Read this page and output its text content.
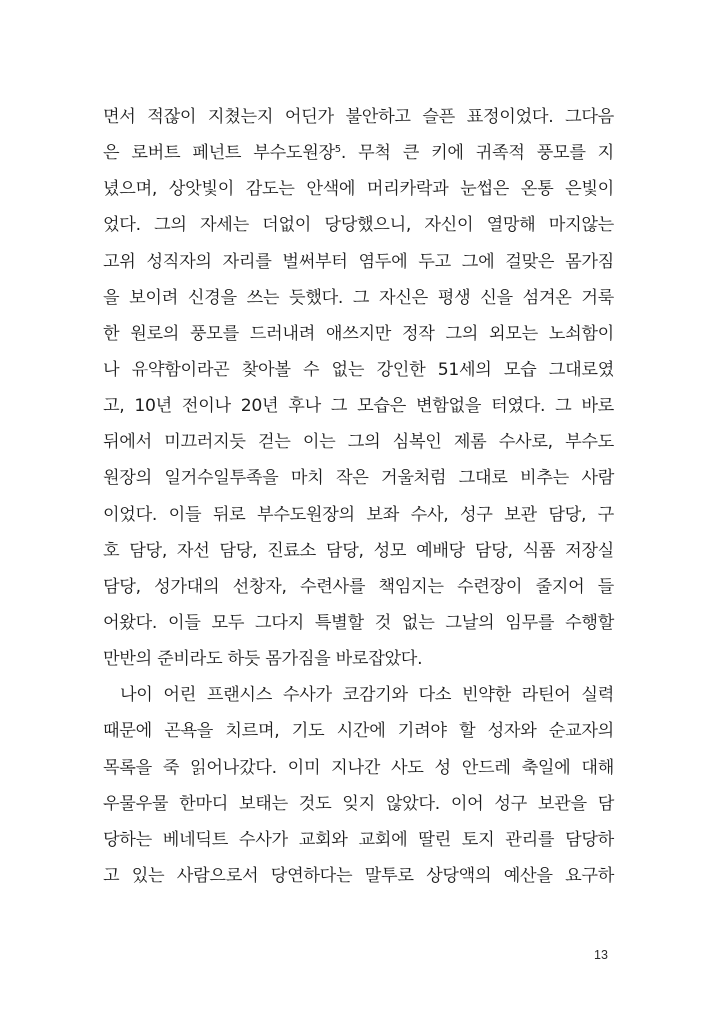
면서 적잖이 지쳤는지 어딘가 불안하고 슬픈 표정이었다. 그다음
은 로버트 페넌트 부수도원장$^5$. 무척 큰 키에 귀족적 풍모를 지
녔으며, 상앗빛이 감도는 안색에 머리카락과 눈썹은 온통 은빛이
었다. 그의 자세는 더없이 당당했으니, 자신이 열망해 마지않는
고위 성직자의 자리를 벌써부터 염두에 두고 그에 걸맞은 몸가짐
을 보이려 신경을 쓰는 듯했다. 그 자신은 평생 신을 섬겨온 거룩
한 원로의 풍모를 드러내려 애쓰지만 정작 그의 외모는 노쇠함이
나 유약함이라곤 찾아볼 수 없는 강인한 51세의 모습 그대로였
고, 10년 전이나 20년 후나 그 모습은 변함없을 터였다. 그 바로
뒤에서 미끄러지듯 걷는 이는 그의 심복인 제롬 수사로, 부수도
원장의 일거수일투족을 마치 작은 거울처럼 그대로 비추는 사람
이었다. 이들 뒤로 부수도원장의 보좌 수사, 성구 보관 담당, 구
호 담당, 자선 담당, 진료소 담당, 성모 예배당 담당, 식품 저장실
담당, 성가대의 선창자, 수련사를 책임지는 수련장이 줄지어 들
어왔다. 이들 모두 그다지 특별할 것 없는 그날의 임무를 수행할
만반의 준비라도 하듯 몸가짐을 바로잡았다.
나이 어린 프랜시스 수사가 코감기와 다소 빈약한 라틴어 실력
때문에 곤욕을 치르며, 기도 시간에 기려야 할 성자와 순교자의
목록을 죽 읽어나갔다. 이미 지나간 사도 성 안드레 축일에 대해
우물우물 한마디 보태는 것도 잊지 않았다. 이어 성구 보관을 담
당하는 베네딕트 수사가 교회와 교회에 딸린 토지 관리를 담당하
고 있는 사람으로서 당연하다는 말투로 상당액의 예산을 요구하
13
